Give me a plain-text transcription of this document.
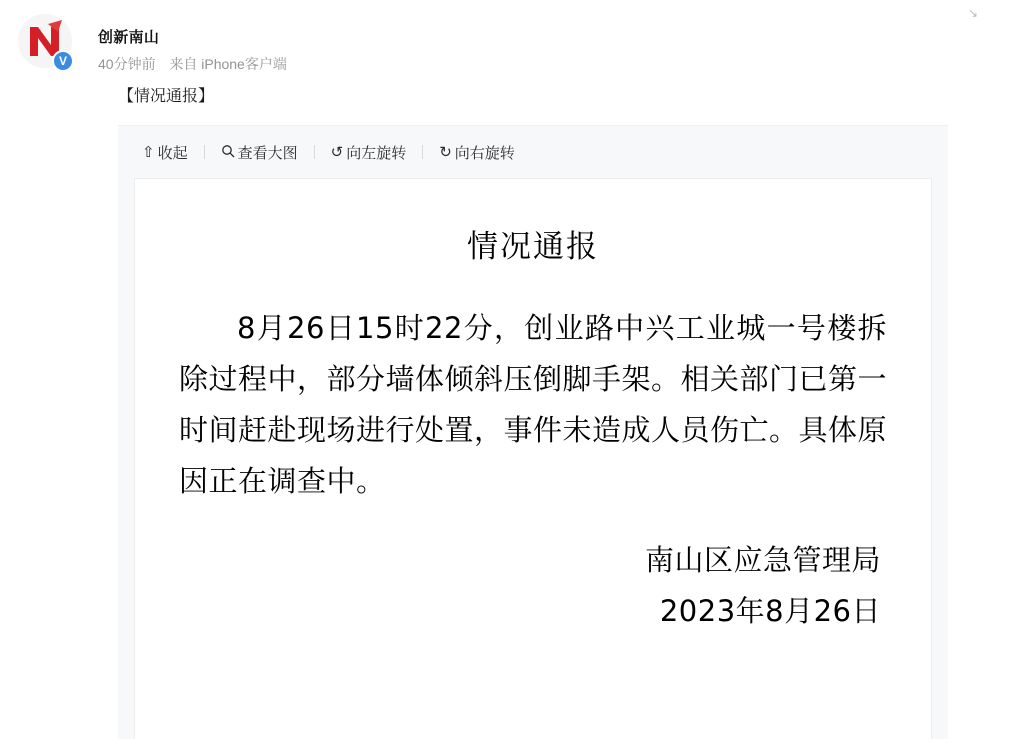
↘
V
创新南山
40分钟前 来自 iPhone客户端
【情况通报】
⇧ 收起	查看大图 ↺ 向左旋转 ↻ 向右旋转
情况通报
8月26日15时22分，创业路中兴工业城一号楼拆除过程中，部分墙体倾斜压倒脚手架。相关部门已第一时间赶赴现场进行处置，事件未造成人员伤亡。具体原因正在调查中。
南山区应急管理局
2023年8月26日
